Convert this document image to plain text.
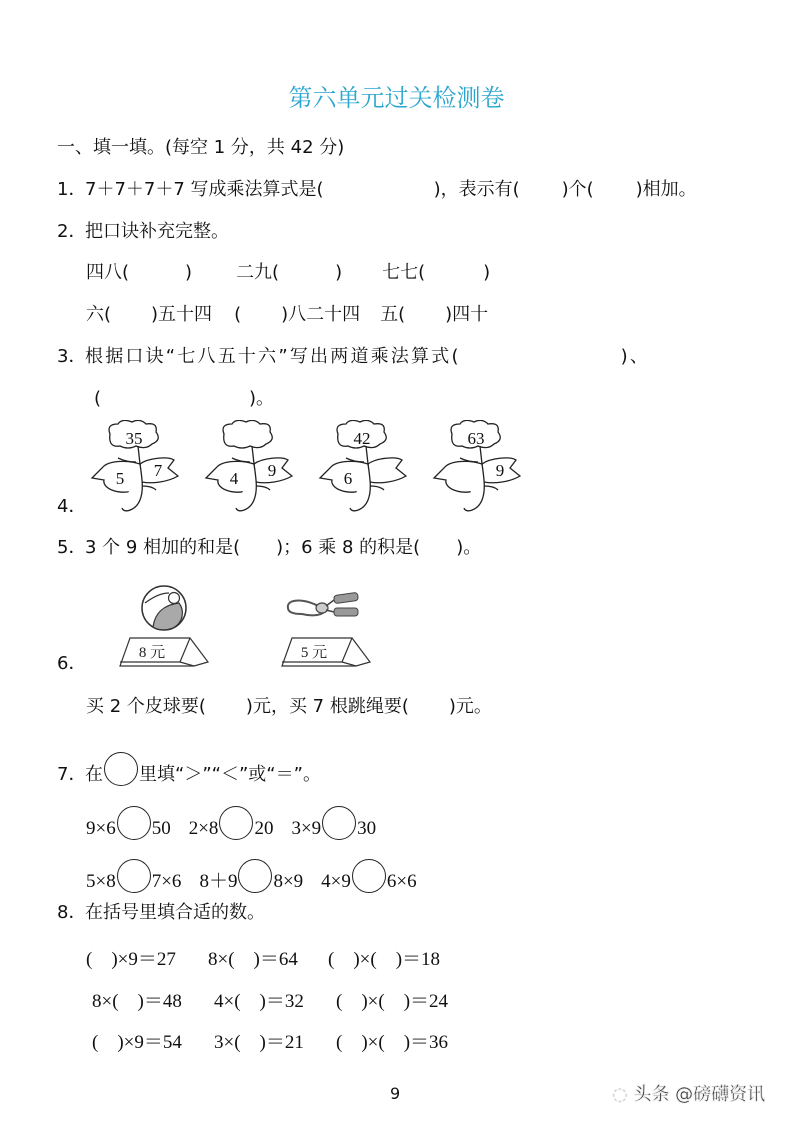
第六单元过关检测卷
一、填一填。(每空 1 分，共 42 分)
1．7＋7＋7＋7 写成乘法算式是(	)，表示有( )个( )相加。
2．把口诀补充完整。
四八(	) 二九(	) 七七(	)
六( )五十四 ( )八二十四 五( )四十
3．根据口诀“七八五十六”写出两道乘法算式(	)、
(	)。
4．
35
5 7	4 9
42
6
63
9
5．3 个 9 相加的和是( )；6 乘 8 的积是( )。
6．	8 元	5 元
买 2 个皮球要( )元，买 7 根跳绳要( )元。
7．在 里填“＞”“＜”或“＝”。
9×6 50 2×8 20 3×9 30
5×8 7×6 8＋9 8×9 4×9 6×6
8．在括号里填合适的数。
(　)×9＝27 8×(　)＝64 (　)×(　)＝18
8×(　)＝48 4×(　)＝32 (　)×(　)＝24
(　)×9＝54 3×(　)＝21 (　)×(　)＝36
9	◌ 头条 @磅礴资讯
